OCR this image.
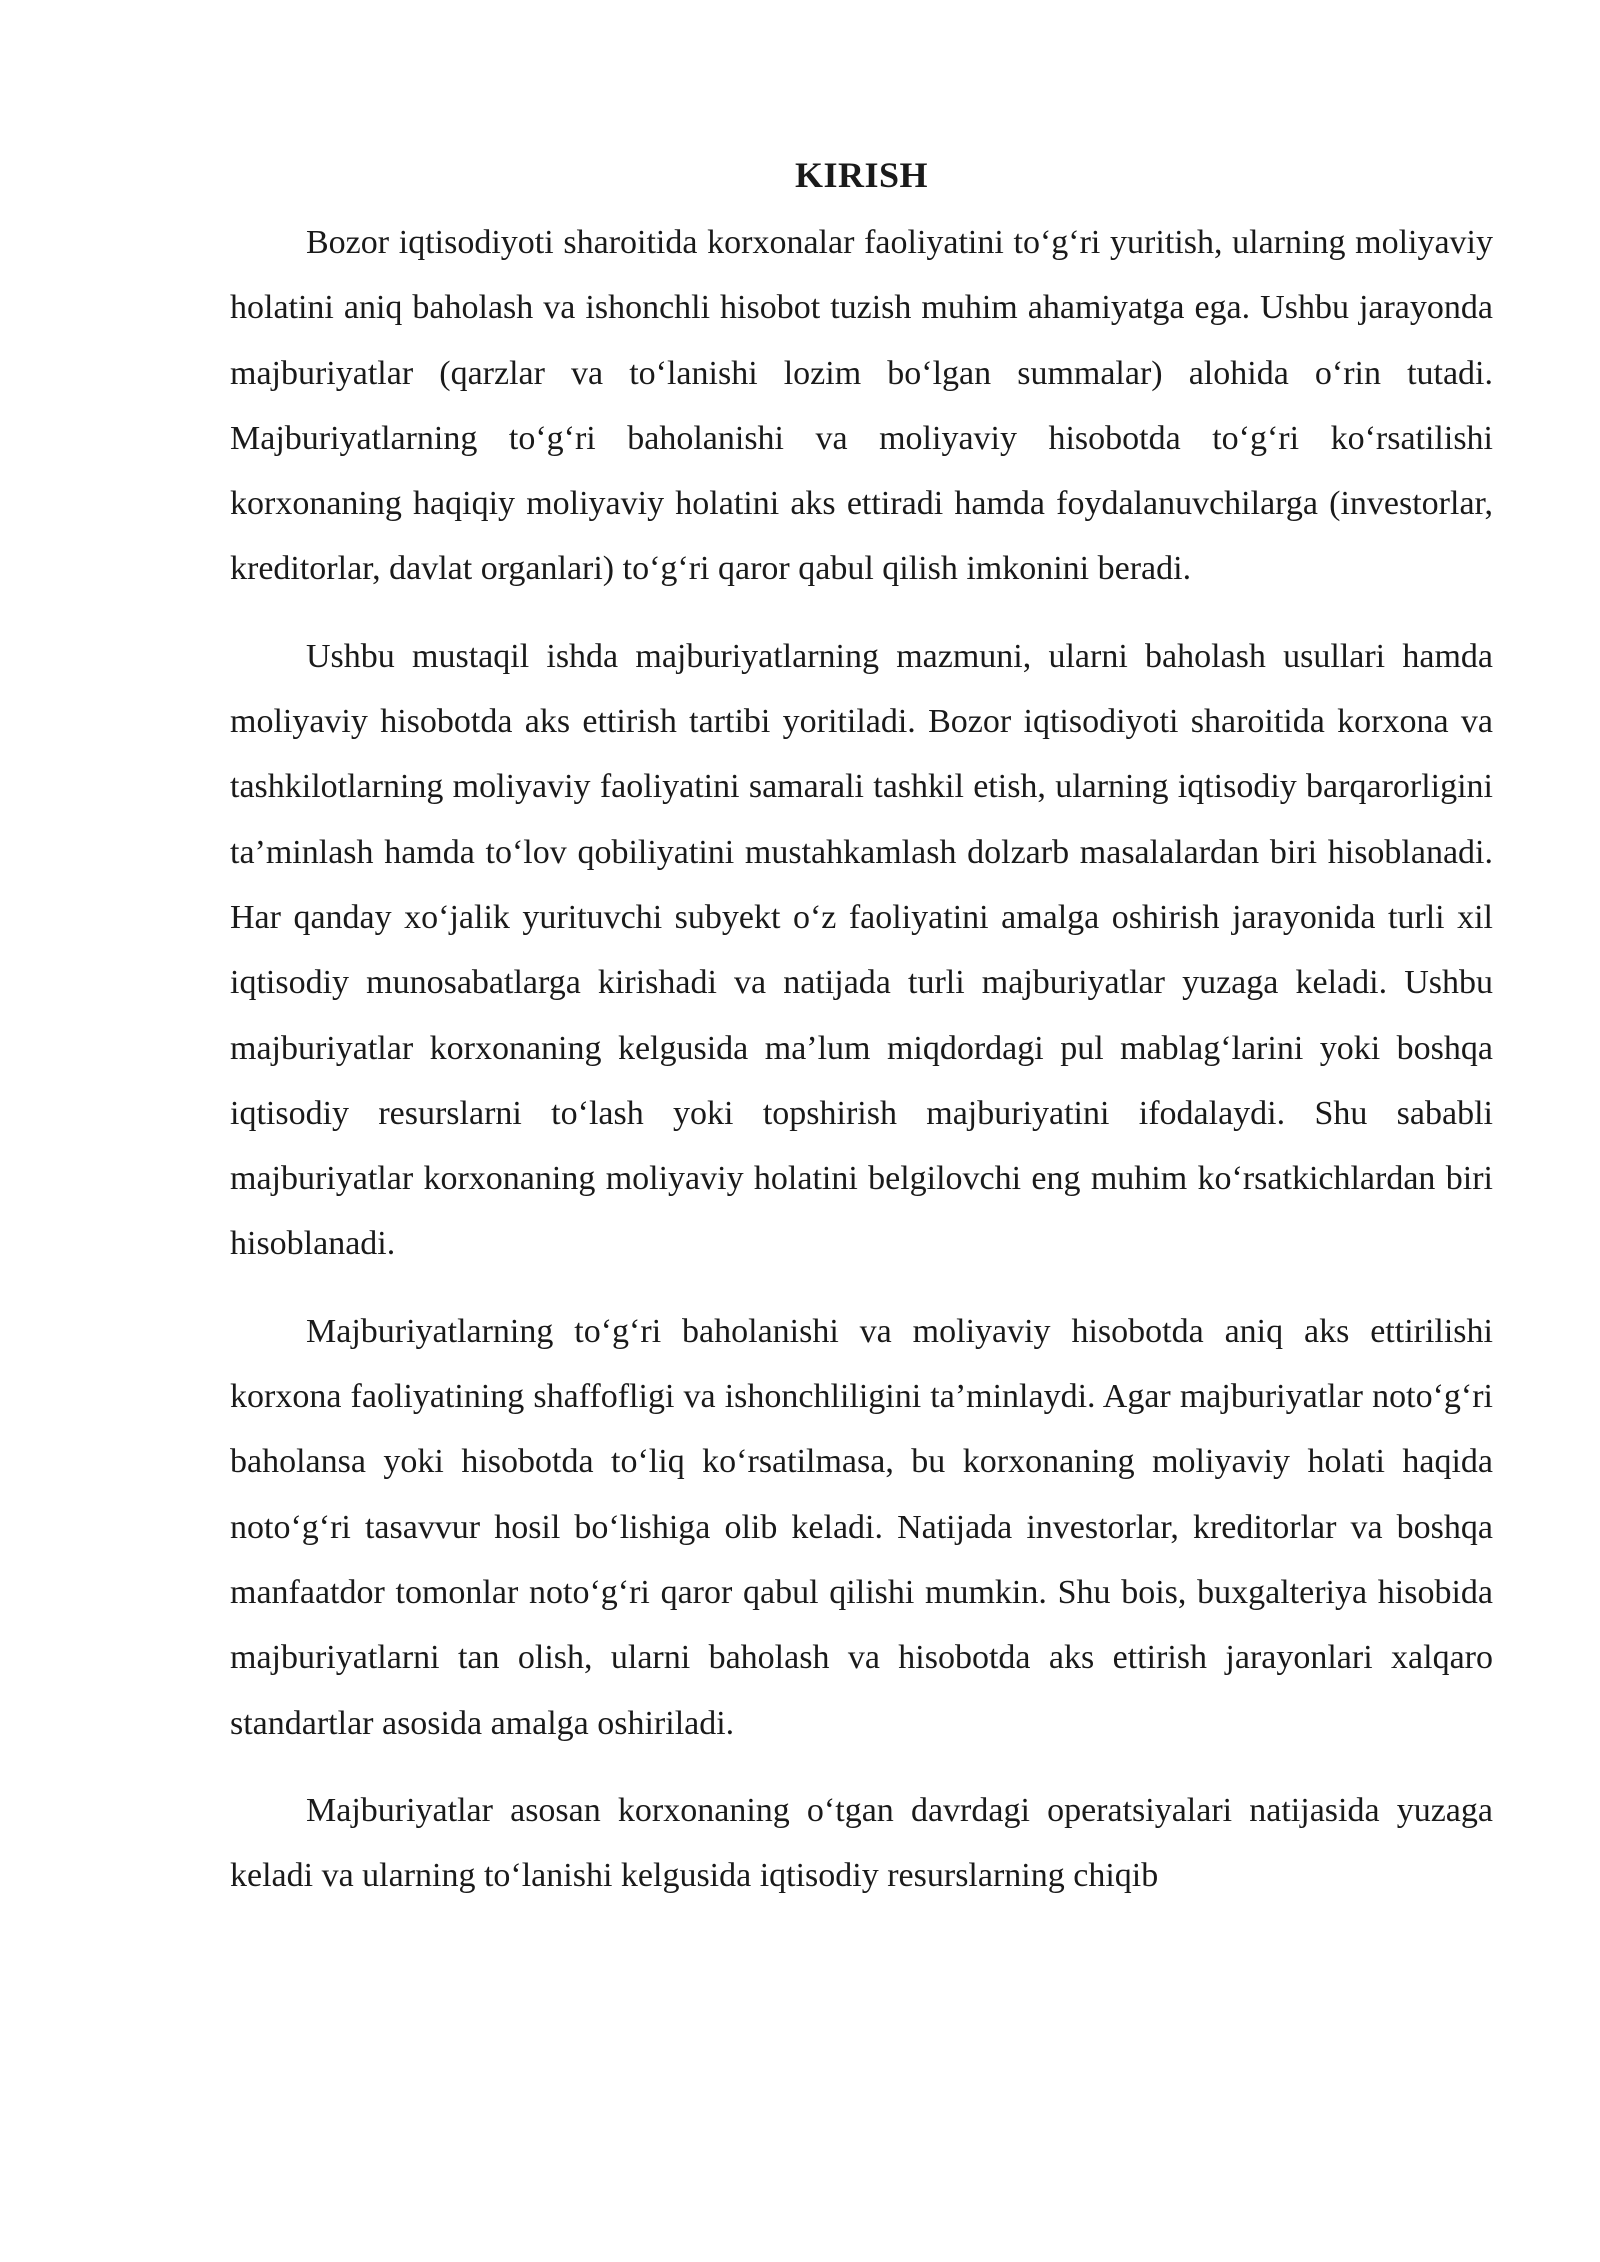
KIRISH

Bozor iqtisodiyoti sharoitida korxonalar faoliyatini to‘g‘ri yuritish, ularning moliyaviy holatini aniq baholash va ishonchli hisobot tuzish muhim ahamiyatga ega. Ushbu jarayonda majburiyatlar (qarzlar va to‘lanishi lozim bo‘lgan summalar) alohida o‘rin tutadi. Majburiyatlarning to‘g‘ri baholanishi va moliyaviy hisobotda to‘g‘ri ko‘rsatilishi korxonaning haqiqiy moliyaviy holatini aks ettiradi hamda foydalanuvchilarga (investorlar, kreditorlar, davlat organlari) to‘g‘ri qaror qabul qilish imkonini beradi.

Ushbu mustaqil ishda majburiyatlarning mazmuni, ularni baholash usullari hamda moliyaviy hisobotda aks ettirish tartibi yoritiladi. Bozor iqtisodiyoti sharoitida korxona va tashkilotlarning moliyaviy faoliyatini samarali tashkil etish, ularning iqtisodiy barqarorligini ta’minlash hamda to‘lov qobiliyatini mustahkamlash dolzarb masalalardan biri hisoblanadi. Har qanday xo‘jalik yurituvchi subyekt o‘z faoliyatini amalga oshirish jarayonida turli xil iqtisodiy munosabatlarga kirishadi va natijada turli majburiyatlar yuzaga keladi. Ushbu majburiyatlar korxonaning kelgusida ma’lum miqdordagi pul mablag‘larini yoki boshqa iqtisodiy resurslarni to‘lash yoki topshirish majburiyatini ifodalaydi. Shu sababli majburiyatlar korxonaning moliyaviy holatini belgilovchi eng muhim ko‘rsatkichlardan biri hisoblanadi.

Majburiyatlarning to‘g‘ri baholanishi va moliyaviy hisobotda aniq aks ettirilishi korxona faoliyatining shaffofligi va ishonchliligini ta’minlaydi. Agar majburiyatlar noto‘g‘ri baholansa yoki hisobotda to‘liq ko‘rsatilmasa, bu korxonaning moliyaviy holati haqida noto‘g‘ri tasavvur hosil bo‘lishiga olib keladi. Natijada investorlar, kreditorlar va boshqa manfaatdor tomonlar noto‘g‘ri qaror qabul qilishi mumkin. Shu bois, buxgalteriya hisobida majburiyatlarni tan olish, ularni baholash va hisobotda aks ettirish jarayonlari xalqaro standartlar asosida amalga oshiriladi.

Majburiyatlar asosan korxonaning o‘tgan davrdagi operatsiyalari natijasida yuzaga keladi va ularning to‘lanishi kelgusida iqtisodiy resurslarning chiqib
